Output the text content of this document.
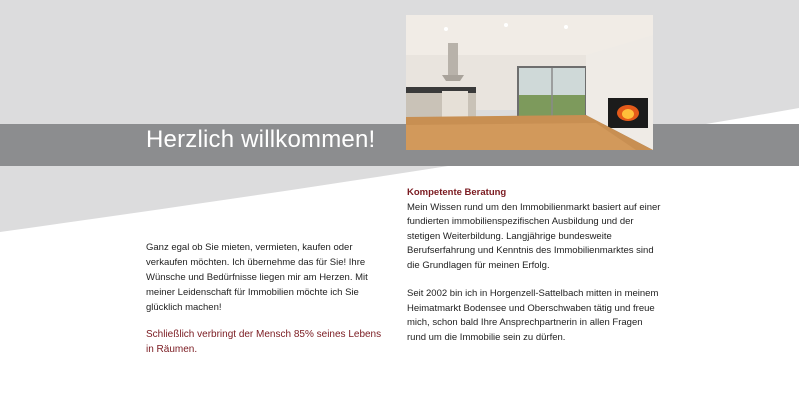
Herzlich willkommen!

Ganz egal ob Sie mieten, vermieten, kaufen oder verkaufen möchten. Ich übernehme das für Sie! Ihre Wünsche und Bedürfnisse liegen mir am Herzen. Mit meiner Leidenschaft für Immobilien möchte ich Sie glücklich machen!

Schließlich verbringt der Mensch 85% seines Lebens in Räumen.

Kompetente Beratung

Mein Wissen rund um den Immobilienmarkt basiert auf einer fundierten immobilienspezifischen Ausbildung und der stetigen Weiterbildung. Langjährige bundesweite Berufserfahrung und Kenntnis des Immobilienmarktes sind die Grundlagen für meinen Erfolg.

Seit 2002 bin ich in Horgenzell-Sattelbach mitten in meinem Heimatmarkt Bodensee und Oberschwaben tätig und freue mich, schon bald Ihre Ansprechpartnerin in allen Fragen rund um die Immobilie sein zu dürfen.
